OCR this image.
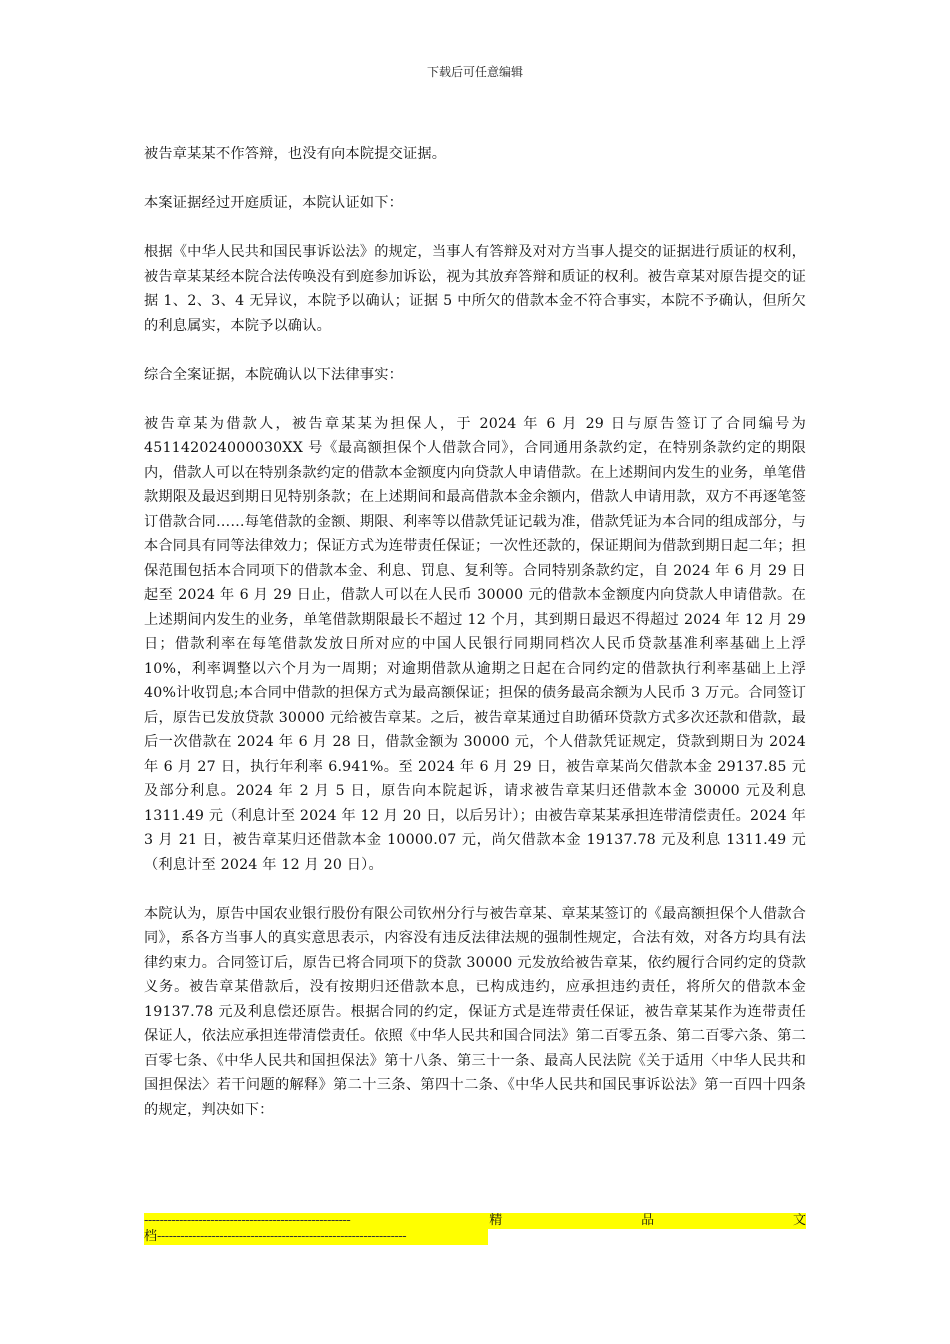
下载后可任意编辑

被告章某某不作答辩，也没有向本院提交证据。

本案证据经过开庭质证，本院认证如下：

根据《中华人民共和国民事诉讼法》的规定，当事人有答辩及对对方当事人提交的证据进行质证的权利，被告章某某经本院合法传唤没有到庭参加诉讼，视为其放弃答辩和质证的权利。被告章某对原告提交的证据 1、2、3、4 无异议，本院予以确认；证据 5 中所欠的借款本金不符合事实，本院不予确认，但所欠的利息属实，本院予以确认。

综合全案证据，本院确认以下法律事实：

被告章某为借款人，被告章某某为担保人，于 2024 年 6 月 29 日与原告签订了合同编号为 451142024000030XX 号《最高额担保个人借款合同》，合同通用条款约定，在特别条款约定的期限内，借款人可以在特别条款约定的借款本金额度内向贷款人申请借款。在上述期间内发生的业务，单笔借款期限及最迟到期日见特别条款；在上述期间和最高借款本金余额内，借款人申请用款，双方不再逐笔签订借款合同……每笔借款的金额、期限、利率等以借款凭证记载为准，借款凭证为本合同的组成部分，与本合同具有同等法律效力；保证方式为连带责任保证；一次性还款的，保证期间为借款到期日起二年；担保范围包括本合同项下的借款本金、利息、罚息、复利等。合同特别条款约定，自 2024 年 6 月 29 日起至 2024 年 6 月 29 日止，借款人可以在人民币 30000 元的借款本金额度内向贷款人申请借款。在上述期间内发生的业务，单笔借款期限最长不超过 12 个月，其到期日最迟不得超过 2024 年 12 月 29 日；借款利率在每笔借款发放日所对应的中国人民银行同期同档次人民币贷款基准利率基础上上浮 10%，利率调整以六个月为一周期；对逾期借款从逾期之日起在合同约定的借款执行利率基础上上浮 40%计收罚息;本合同中借款的担保方式为最高额保证；担保的债务最高余额为人民币 3 万元。合同签订后，原告已发放贷款 30000 元给被告章某。之后，被告章某通过自助循环贷款方式多次还款和借款，最后一次借款在 2024 年 6 月 28 日，借款金额为 30000 元，个人借款凭证规定，贷款到期日为 2024 年 6 月 27 日，执行年利率 6.941%。至 2024 年 6 月 29 日，被告章某尚欠借款本金 29137.85 元及部分利息。2024 年 2 月 5 日，原告向本院起诉，请求被告章某归还借款本金 30000 元及利息 1311.49 元（利息计至 2024 年 12 月 20 日，以后另计）；由被告章某某承担连带清偿责任。2024 年 3 月 21 日，被告章某归还借款本金 10000.07 元，尚欠借款本金 19137.78 元及利息 1311.49 元（利息计至 2024 年 12 月 20 日）。

本院认为，原告中国农业银行股份有限公司钦州分行与被告章某、章某某签订的《最高额担保个人借款合同》，系各方当事人的真实意思表示，内容没有违反法律法规的强制性规定，合法有效，对各方均具有法律约束力。合同签订后，原告已将合同项下的贷款 30000 元发放给被告章某，依约履行合同约定的贷款义务。被告章某借款后，没有按期归还借款本息，已构成违约，应承担违约责任，将所欠的借款本金 19137.78 元及利息偿还原告。根据合同的约定，保证方式是连带责任保证，被告章某某作为连带责任保证人，依法应承担连带清偿责任。依照《中华人民共和国合同法》第二百零五条、第二百零六条、第二百零七条、《中华人民共和国担保法》第十八条、第三十一条、最高人民法院《关于适用〈中华人民共和国担保法〉若干问题的解释》第二十三条、第四十二条、《中华人民共和国民事诉讼法》第一百四十四条的规定，判决如下：

-----------------------------------------------------	精	品	文
档----------------------------------------------------------------
